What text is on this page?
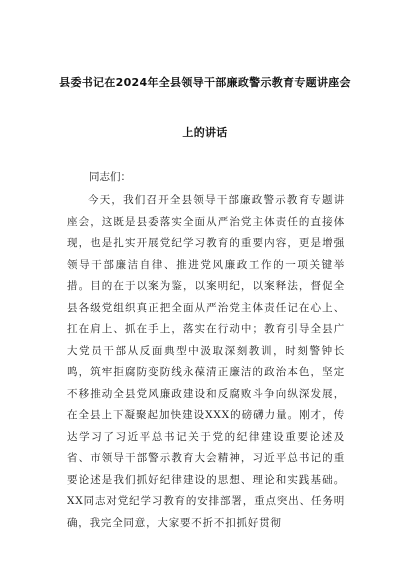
县委书记在2024年全县领导干部廉政警示教育专题讲座会
上的讲话
同志们：
今天，我们召开全县领导干部廉政警示教育专题讲座会，这既是县委落实全面从严治党主体责任的直接体现，也是扎实开展党纪学习教育的重要内容，更是增强领导干部廉洁自律、推进党风廉政工作的一项关键举措。目的在于以案为鉴，以案明纪，以案释法，督促全县各级党组织真正把全面从严治党主体责任记在心上、扛在肩上、抓在手上，落实在行动中；教育引导全县广大党员干部从反面典型中汲取深刻教训，时刻警钟长鸣，筑牢拒腐防变防线永葆清正廉洁的政治本色，坚定不移推动全县党风廉政建设和反腐败斗争向纵深发展，在全县上下凝聚起加快建设XXX的磅礴力量。刚才，传达学习了习近平总书记关于党的纪律建设重要论述及省、市领导干部警示教育大会精神，习近平总书记的重要论述是我们抓好纪律建设的思想、理论和实践基础。XX同志对党纪学习教育的安排部署，重点突出、任务明确，我完全同意，大家要不折不扣抓好贯彻
